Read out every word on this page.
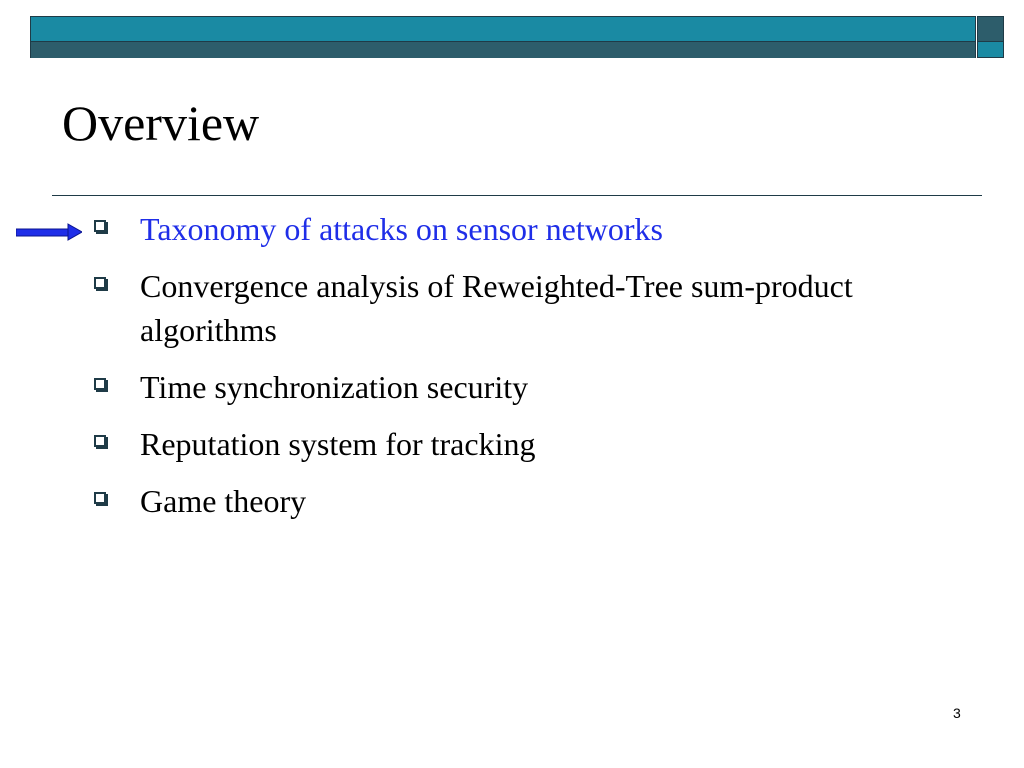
Overview
Taxonomy of attacks on sensor networks
Convergence analysis of Reweighted-Tree sum-product algorithms
Time synchronization security
Reputation system for tracking
Game theory
3
